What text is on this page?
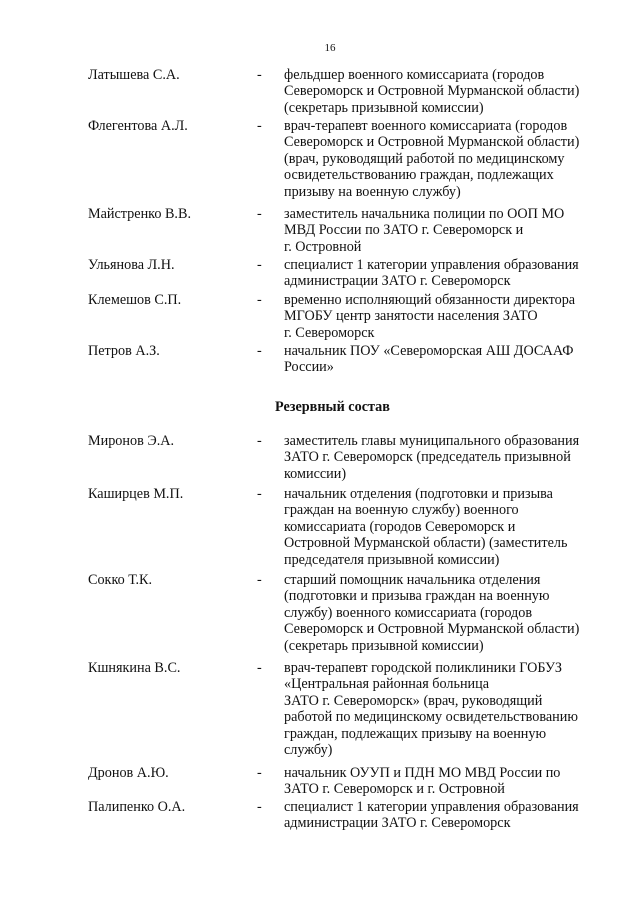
16
Латышева С.А.	- фельдшер военного комиссариата (городов
Североморск и Островной Мурманской области)
(секретарь призывной комиссии)
Флегентова А.Л.	- врач-терапевт военного комиссариата (городов
Североморск и Островной Мурманской области)
(врач, руководящий работой по медицинскому
освидетельствованию граждан, подлежащих
призыву на военную службу)
Майстренко В.В.	- заместитель начальника полиции по ООП МО
МВД России по ЗАТО г. Североморск и
г. Островной
Ульянова Л.Н.	- специалист 1 категории управления образования
администрации ЗАТО г. Североморск
Клемешов С.П.	- временно исполняющий обязанности директора
МГОБУ центр занятости населения ЗАТО
г. Североморск
Петров А.З.	- начальник ПОУ «Североморская АШ ДОСААФ
России»
Резервный состав
Миронов Э.А.	- заместитель главы муниципального образования
ЗАТО г. Североморск (председатель призывной
комиссии)
Каширцев М.П.	- начальник отделения (подготовки и призыва
граждан на военную службу) военного
комиссариата (городов Североморск и
Островной Мурманской области) (заместитель
председателя призывной комиссии)
Сокко Т.К.	- старший помощник начальника отделения
(подготовки и призыва граждан на военную
службу) военного комиссариата (городов
Североморск и Островной Мурманской области)
(секретарь призывной комиссии)
Кшнякина В.С.	- врач-терапевт городской поликлиники ГОБУЗ
«Центральная районная больница
ЗАТО г. Североморск» (врач, руководящий
работой по медицинскому освидетельствованию
граждан, подлежащих призыву на военную
службу)
Дронов А.Ю.	- начальник ОУУП и ПДН МО МВД России по
ЗАТО г. Североморск и г. Островной
Палипенко О.А.	- специалист 1 категории управления образования
администрации ЗАТО г. Североморск
